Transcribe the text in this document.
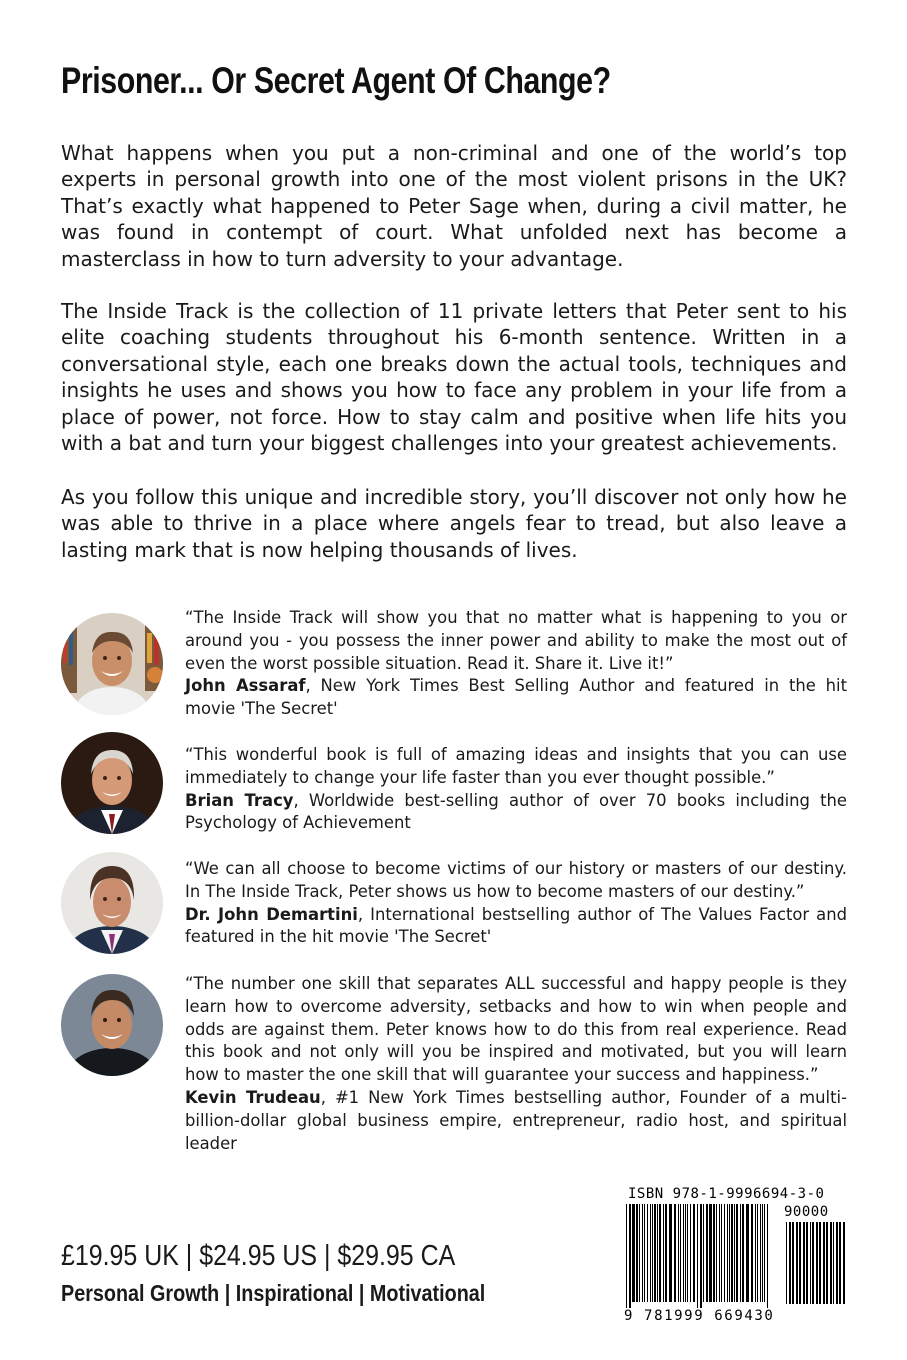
Prisoner... Or Secret Agent Of Change?

What happens when you put a non-criminal and one of the world’s top experts in personal growth into one of the most violent prisons in the UK? That’s exactly what happened to Peter Sage when, during a civil matter, he was found in contempt of court. What unfolded next has become a masterclass in how to turn adversity to your advantage.

The Inside Track is the collection of 11 private letters that Peter sent to his elite coaching students throughout his 6-month sentence. Written in a conversational style, each one breaks down the actual tools, techniques and insights he uses and shows you how to face any problem in your life from a place of power, not force. How to stay calm and positive when life hits you with a bat and turn your biggest challenges into your greatest achievements.

As you follow this unique and incredible story, you’ll discover not only how he was able to thrive in a place where angels fear to tread, but also leave a lasting mark that is now helping thousands of lives.

“The Inside Track will show you that no matter what is happening to you or around you - you possess the inner power and ability to make the most out of even the worst possible situation. Read it. Share it. Live it!”
John Assaraf, New York Times Best Selling Author and featured in the hit movie 'The Secret'

“This wonderful book is full of amazing ideas and insights that you can use immediately to change your life faster than you ever thought possible.”
Brian Tracy, Worldwide best-selling author of over 70 books including the Psychology of Achievement

“We can all choose to become victims of our history or masters of our destiny. In The Inside Track, Peter shows us how to become masters of our destiny.”
Dr. John Demartini, International bestselling author of The Values Factor and featured in the hit movie 'The Secret'

“The number one skill that separates ALL successful and happy people is they learn how to overcome adversity, setbacks and how to win when people and odds are against them. Peter knows how to do this from real experience. Read this book and not only will you be inspired and motivated, but you will learn how to master the one skill that will guarantee your success and happiness.”
Kevin Trudeau, #1 New York Times bestselling author, Founder of a multi-billion-dollar global business empire, entrepreneur, radio host, and spiritual leader

£19.95 UK | $24.95 US | $29.95 CA
Personal Growth | Inspirational | Motivational
ISBN 978-1-9996694-3-0
90000
9 781999 669430
